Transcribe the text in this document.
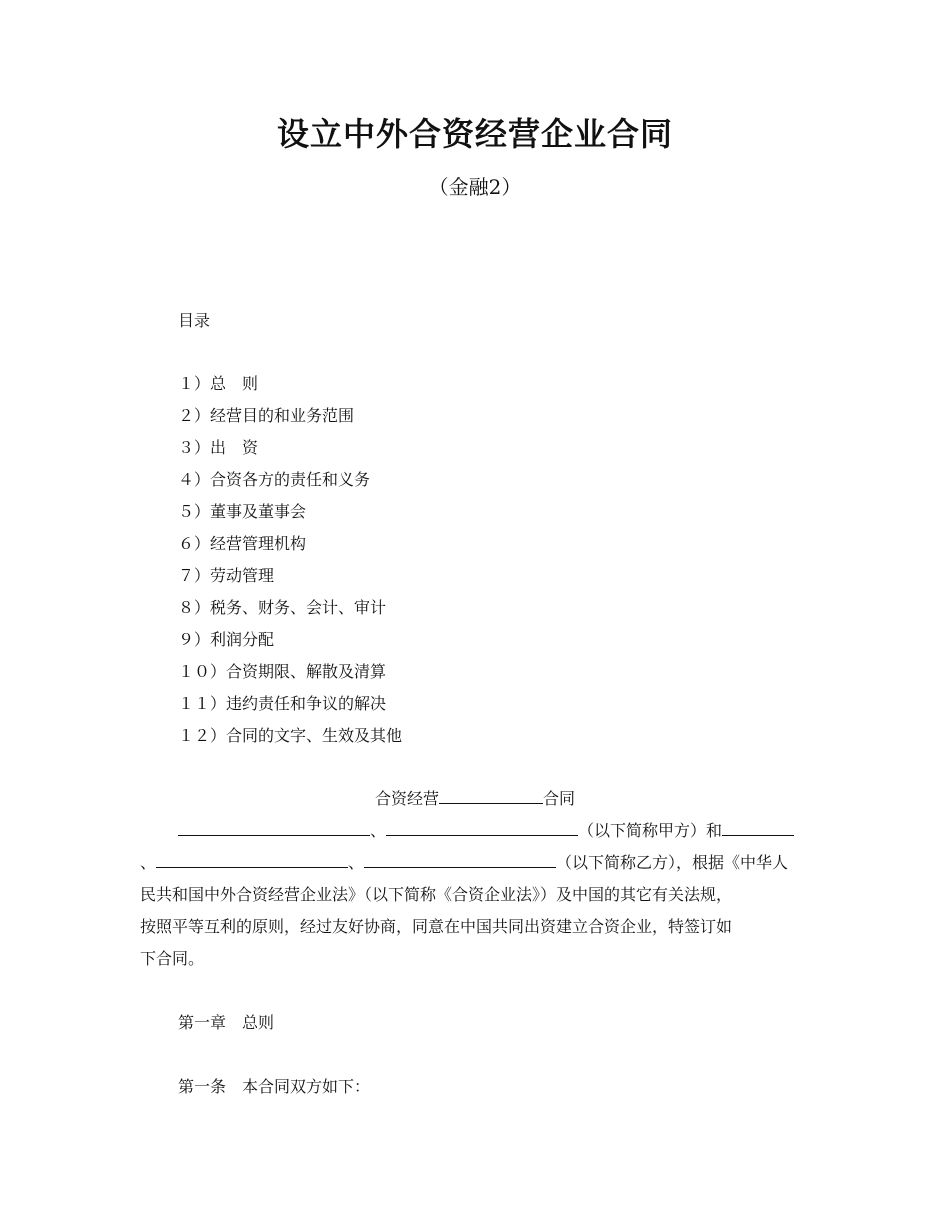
设立中外合资经营企业合同
（金融2）
目录
１）总　则
２）经营目的和业务范围
３）出　资
４）合资各方的责任和义务
５）董事及董事会
６）经营管理机构
７）劳动管理
８）税务、财务、会计、审计
９）利润分配
１０）合资期限、解散及清算
１１）违约责任和争议的解决
１２）合同的文字、生效及其他
合资经营	合同
、	（以下简称甲方）和
、	、	（以下简称乙方），根据《中华人
民共和国中外合资经营企业法》（以下简称《合资企业法》）及中国的其它有关法规，
按照平等互利的原则，经过友好协商，同意在中国共同出资建立合资企业，特签订如
下合同。
第一章　总则
第一条　本合同双方如下：
